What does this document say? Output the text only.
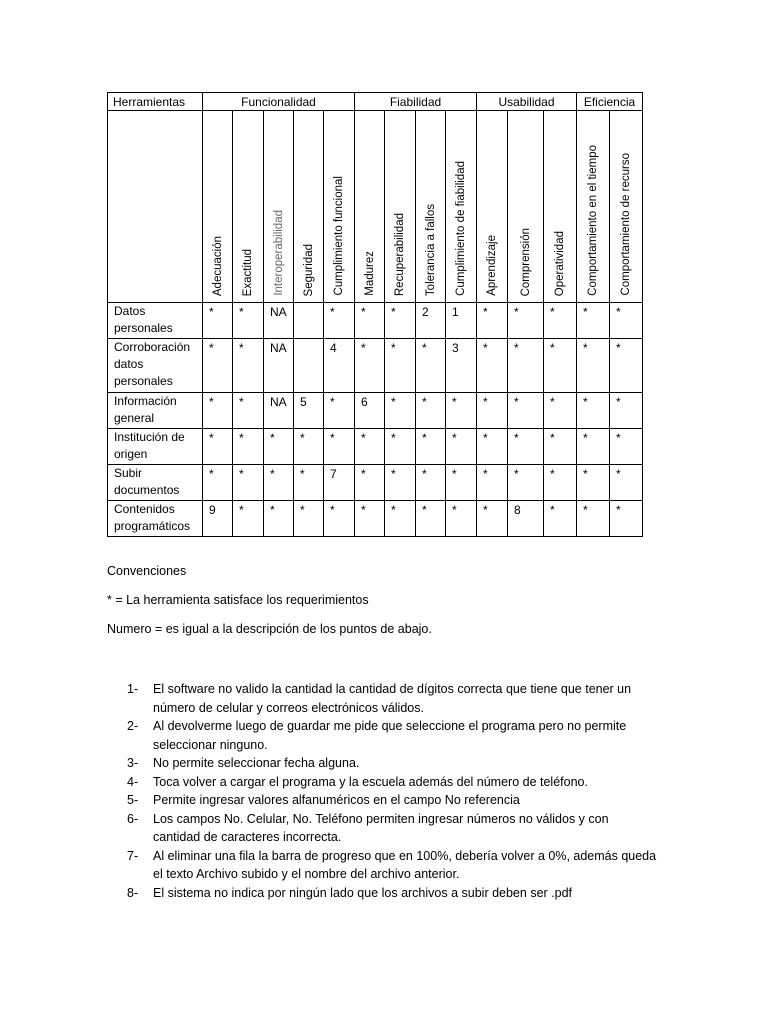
Herramientas	Funcionalidad					Fiabilidad				Usabilidad			Eficiencia	

	Adecuación	Exactitud	Interoperabilidad	Seguridad	Cumplimiento funcional	Madurez	Recuperabilidad	Tolerancia a fallos	Cumplimiento de fiabilidad	Aprendizaje	Comprensión	Operatividad	Comportamiento en el tiempo	Comportamiento de recurso

Datos
personales	*	*	NA		*	*	*	2	1	*	*	*	*	*

Corroboración
datos
personales	*	*	NA		4	*	*	*	3	*	*	*	*	*

Información
general	*	*	NA	5	*	6	*	*	*	*	*	*	*	*

Institución de
origen	*	*	*	*	*	*	*	*	*	*	*	*	*	*

Subir
documentos	*	*	*	*	7	*	*	*	*	*	*	*	*	*

Contenidos
programáticos	9	*	*	*	*	*	*	*	*	*	8	*	*	*
Convenciones
* = La herramienta satisface los requerimientos
Numero = es igual a la descripción de los puntos de abajo.
1- El software no valido la cantidad la cantidad de dígitos correcta que tiene que tener un
número de celular y correos electrónicos válidos.
2- Al devolverme luego de guardar me pide que seleccione el programa pero no permite
seleccionar ninguno.
3- No permite seleccionar fecha alguna.
4- Toca volver a cargar el programa y la escuela además del número de teléfono.
5- Permite ingresar valores alfanuméricos en el campo No referencia
6- Los campos No. Celular, No. Teléfono permiten ingresar números no válidos y con
cantidad de caracteres incorrecta.
7- Al eliminar una fila la barra de progreso que en 100%, debería volver a 0%, además queda
el texto Archivo subido y el nombre del archivo anterior.
8- El sistema no indica por ningún lado que los archivos a subir deben ser .pdf
